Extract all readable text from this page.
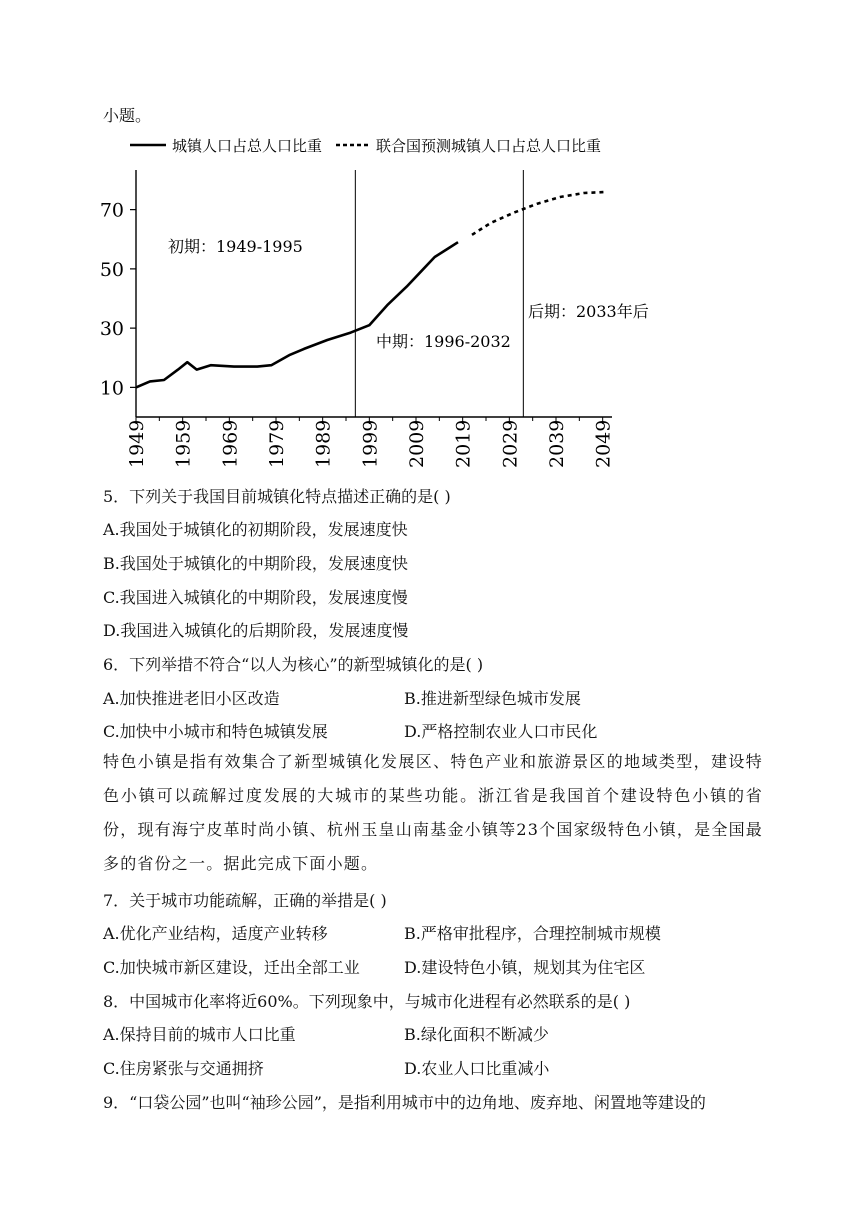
小题。
城镇人口占总人口比重	联合国预测城镇人口占总人口比重
10
30
50
70
1949 1959 1969 1979 1989 1999 2009 2019 2029 2039 2049
初期：1949-1995
中期：1996-2032
后期：2033年后
5．下列关于我国目前城镇化特点描述正确的是( )
A.我国处于城镇化的初期阶段，发展速度快
B.我国处于城镇化的中期阶段，发展速度快
C.我国进入城镇化的中期阶段，发展速度慢
D.我国进入城镇化的后期阶段，发展速度慢
6．下列举措不符合“以人为核心”的新型城镇化的是( )
A.加快推进老旧小区改造	B.推进新型绿色城市发展
C.加快中小城市和特色城镇发展	D.严格控制农业人口市民化
特色小镇是指有效集合了新型城镇化发展区、特色产业和旅游景区的地域类型，建设特色小镇可以疏解过度发展的大城市的某些功能。浙江省是我国首个建设特色小镇的省份，现有海宁皮革时尚小镇、杭州玉皇山南基金小镇等23个国家级特色小镇，是全国最多的省份之一。据此完成下面小题。
7．关于城市功能疏解，正确的举措是( )
A.优化产业结构，适度产业转移	B.严格审批程序，合理控制城市规模
C.加快城市新区建设，迁出全部工业	D.建设特色小镇，规划其为住宅区
8．中国城市化率将近60%。下列现象中，与城市化进程有必然联系的是( )
A.保持目前的城市人口比重	B.绿化面积不断减少
C.住房紧张与交通拥挤	D.农业人口比重减小
9．“口袋公园”也叫“袖珍公园”，是指利用城市中的边角地、废弃地、闲置地等建设的
